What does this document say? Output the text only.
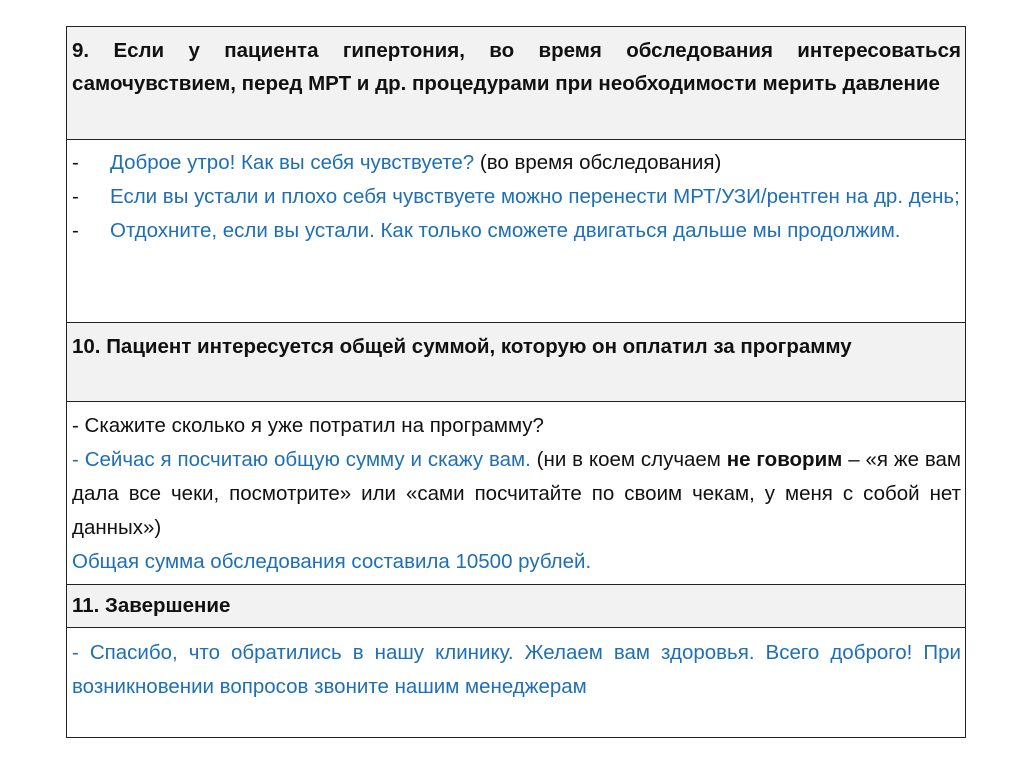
9. Если у пациента гипертония, во время обследования интересоваться самочувствием, перед МРТ и др. процедурами при необходимости мерить давление

- Доброе утро! Как вы себя чувствуете? (во время обследования)
- Если вы устали и плохо себя чувствуете можно перенести МРТ/УЗИ/рентген на др. день;
- Отдохните, если вы устали. Как только сможете двигаться дальше мы продолжим.

10. Пациент интересуется общей суммой, которую он оплатил за программу

- Скажите сколько я уже потратил на программу?

- Сейчас я посчитаю общую сумму и скажу вам. (ни в коем случаем не говорим – «я же вам дала все чеки, посмотрите» или «сами посчитайте по своим чекам, у меня с собой нет данных»)

Общая сумма обследования составила 10500 рублей.

11. Завершение

- Спасибо, что обратились в нашу клинику. Желаем вам здоровья. Всего доброго! При возникновении вопросов звоните нашим менеджерам
